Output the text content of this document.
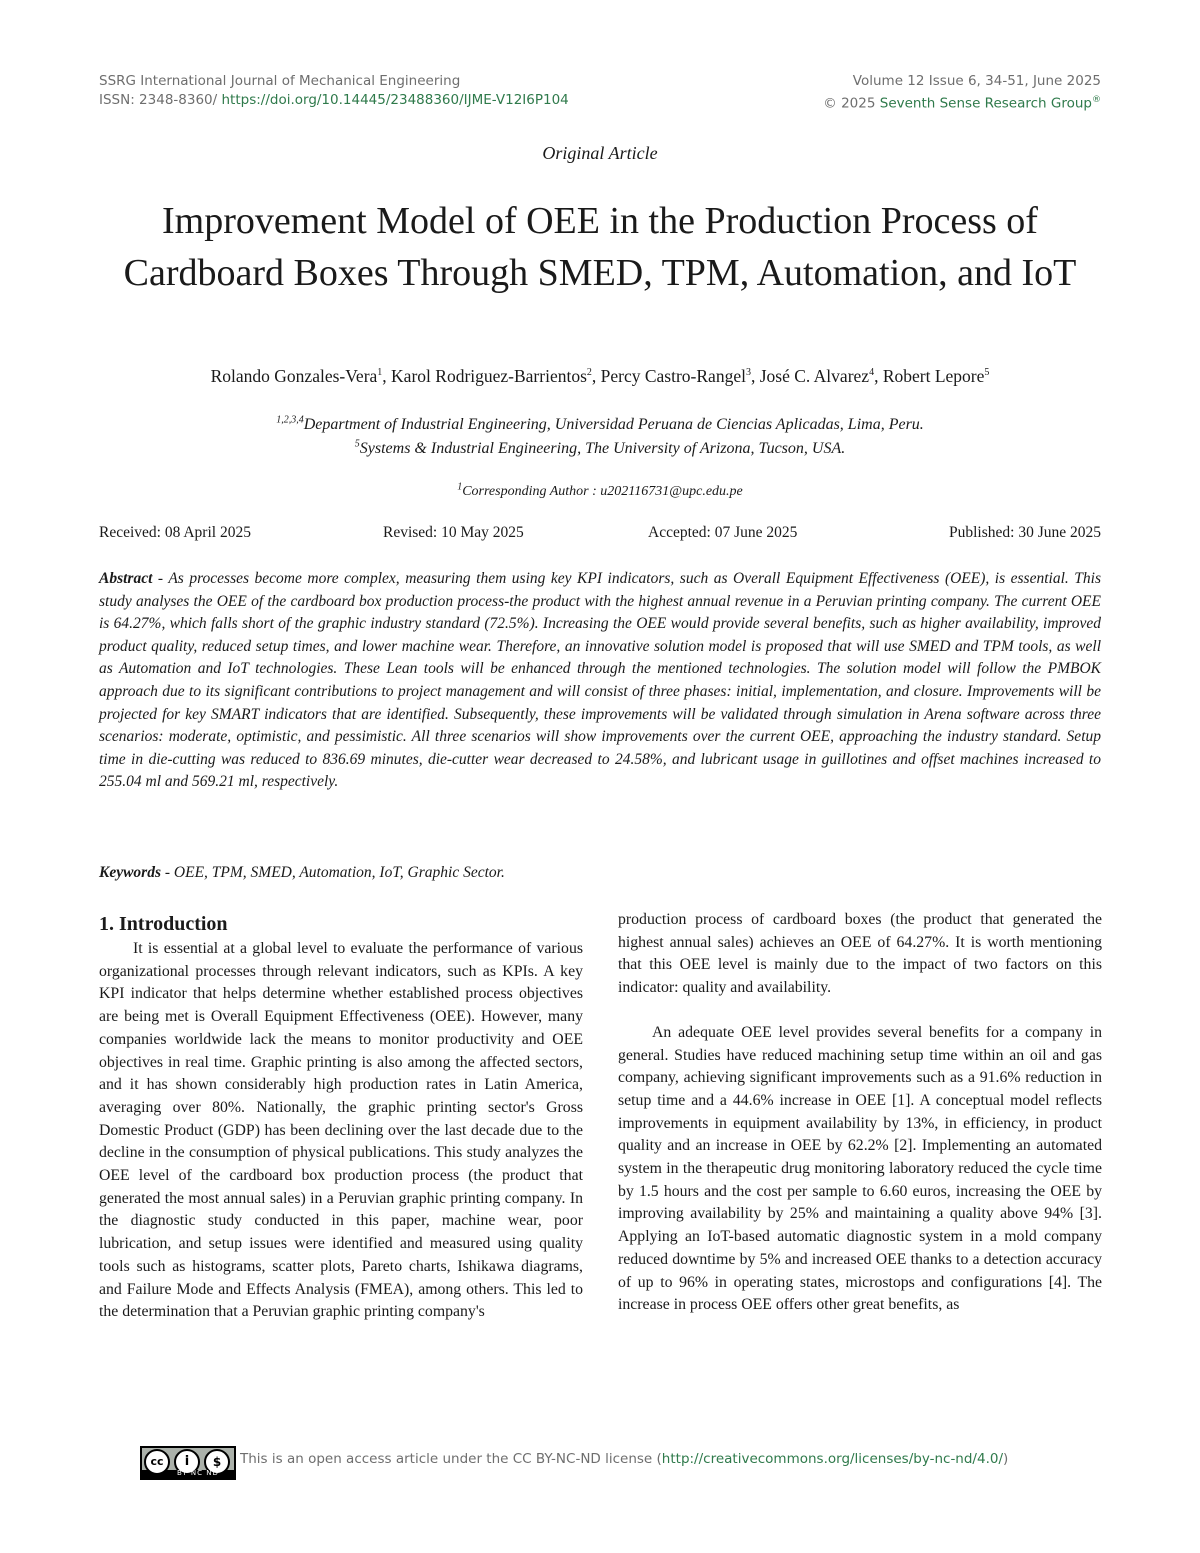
SSRG International Journal of Mechanical Engineering
ISSN: 2348-8360/ https://doi.org/10.14445/23488360/IJME-V12I6P104
Volume 12 Issue 6, 34-51, June 2025
© 2025 Seventh Sense Research Group®
Original Article
Improvement Model of OEE in the Production Process of Cardboard Boxes Through SMED, TPM, Automation, and IoT
Rolando Gonzales-Vera$^1$, Karol Rodriguez-Barrientos$^2$, Percy Castro-Rangel$^3$, José C. Alvarez$^4$, Robert Lepore$^5$
$^{1,2,3,4}$Department of Industrial Engineering, Universidad Peruana de Ciencias Aplicadas, Lima, Peru.
$^5$Systems & Industrial Engineering, The University of Arizona, Tucson, USA.
$^1$Corresponding Author : u202116731@upc.edu.pe
Received: 08 April 2025	Revised: 10 May 2025	Accepted: 07 June 2025	Published: 30 June 2025
Abstract - As processes become more complex, measuring them using key KPI indicators, such as Overall Equipment Effectiveness (OEE), is essential. This study analyses the OEE of the cardboard box production process-the product with the highest annual revenue in a Peruvian printing company. The current OEE is 64.27%, which falls short of the graphic industry standard (72.5%). Increasing the OEE would provide several benefits, such as higher availability, improved product quality, reduced setup times, and lower machine wear. Therefore, an innovative solution model is proposed that will use SMED and TPM tools, as well as Automation and IoT technologies. These Lean tools will be enhanced through the mentioned technologies. The solution model will follow the PMBOK approach due to its significant contributions to project management and will consist of three phases: initial, implementation, and closure. Improvements will be projected for key SMART indicators that are identified. Subsequently, these improvements will be validated through simulation in Arena software across three scenarios: moderate, optimistic, and pessimistic. All three scenarios will show improvements over the current OEE, approaching the industry standard. Setup time in die-cutting was reduced to 836.69 minutes, die-cutter wear decreased to 24.58%, and lubricant usage in guillotines and offset machines increased to 255.04 ml and 569.21 ml, respectively.
Keywords - OEE, TPM, SMED, Automation, IoT, Graphic Sector.
1. Introduction

It is essential at a global level to evaluate the performance of various organizational processes through relevant indicators, such as KPIs. A key KPI indicator that helps determine whether established process objectives are being met is Overall Equipment Effectiveness (OEE). However, many companies worldwide lack the means to monitor productivity and OEE objectives in real time. Graphic printing is also among the affected sectors, and it has shown considerably high production rates in Latin America, averaging over 80%. Nationally, the graphic printing sector's Gross Domestic Product (GDP) has been declining over the last decade due to the decline in the consumption of physical publications. This study analyzes the OEE level of the cardboard box production process (the product that generated the most annual sales) in a Peruvian graphic printing company. In the diagnostic study conducted in this paper, machine wear, poor lubrication, and setup issues were identified and measured using quality tools such as histograms, scatter plots, Pareto charts, Ishikawa diagrams, and Failure Mode and Effects Analysis (FMEA), among others. This led to the determination that a Peruvian graphic printing company's

production process of cardboard boxes (the product that generated the highest annual sales) achieves an OEE of 64.27%. It is worth mentioning that this OEE level is mainly due to the impact of two factors on this indicator: quality and availability.

An adequate OEE level provides several benefits for a company in general. Studies have reduced machining setup time within an oil and gas company, achieving significant improvements such as a 91.6% reduction in setup time and a 44.6% increase in OEE [1]. A conceptual model reflects improvements in equipment availability by 13%, in efficiency, in product quality and an increase in OEE by 62.2% [2]. Implementing an automated system in the therapeutic drug monitoring laboratory reduced the cycle time by 1.5 hours and the cost per sample to 6.60 euros, increasing the OEE by improving availability by 25% and maintaining a quality above 94% [3]. Applying an IoT-based automatic diagnostic system in a mold company reduced downtime by 5% and increased OEE thanks to a detection accuracy of up to 96% in operating states, microstops and configurations [4]. The increase in process OEE offers other great benefits, as

cc	i	$
BY NC ND
This is an open access article under the CC BY-NC-ND license (http://creativecommons.org/licenses/by-nc-nd/4.0/)
